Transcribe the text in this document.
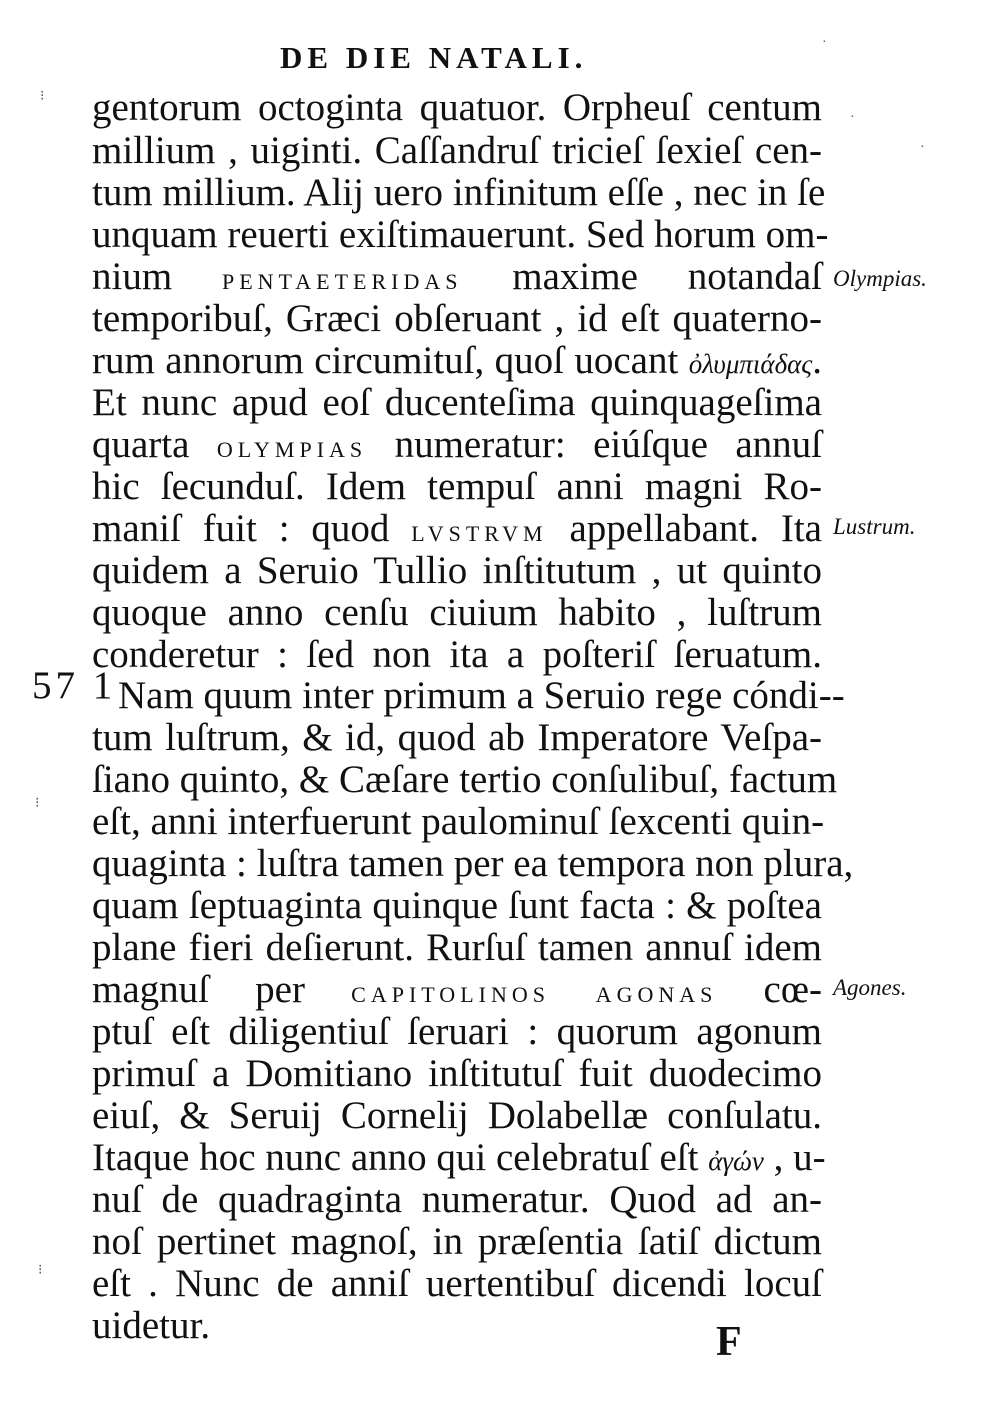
DE DIE NATALI.
gentorum octoginta quatuor. Orpheuſ centum
millium , uiginti. Caſſandruſ tricieſ ſexieſ cen-
tum millium. Alij uero infinitum eſſe , nec in ſe
unquam reuerti exiſtimauerunt. Sed horum om-
nium PENTAETERIDAS maxime notandaſ
temporibuſ, Græci obſeruant , id eſt quaterno-
rum annorum circumituſ, quoſ uocant ὀλυμπιάδας.
Et nunc apud eoſ ducenteſima quinquageſima
quarta OLYMPIAS numeratur: eiúſque annuſ
hic ſecunduſ. Idem tempuſ anni magni Ro-
maniſ fuit : quod LVSTRVM appellabant. Ita
quidem a Seruio Tullio inſtitutum , ut quinto
quoque anno cenſu ciuium habito , luſtrum
conderetur : ſed non ita a poſteriſ ſeruatum.
Nam quum inter primum a Seruio rege cóndi--
tum luſtrum, & id, quod ab Imperatore Veſpa-
ſiano quinto, & Cæſare tertio conſulibuſ, factum
eſt, anni interfuerunt paulominuſ ſexcenti quin-
quaginta : luſtra tamen per ea tempora non plura,
quam ſeptuaginta quinque ſunt facta : & poſtea
plane fieri deſierunt. Rurſuſ tamen annuſ idem
magnuſ per CAPITOLINOS AGONAS cœ-
ptuſ eſt diligentiuſ ſeruari : quorum agonum
primuſ a Domitiano inſtitutuſ fuit duodecimo
eiuſ, & Seruij Cornelij Dolabellæ conſulatu.
Itaque hoc nunc anno qui celebratuſ eſt ἀγών , u-
nuſ de quadraginta numeratur. Quod ad an-
noſ pertinet magnoſ, in præſentia ſatiſ dictum
eſt . Nunc de anniſ uertentibuſ dicendi locuſ
uidetur.
Olympias.
Lustrum.
Agones.
57 1
F
⁝
·
·
⁝
⁝
·
